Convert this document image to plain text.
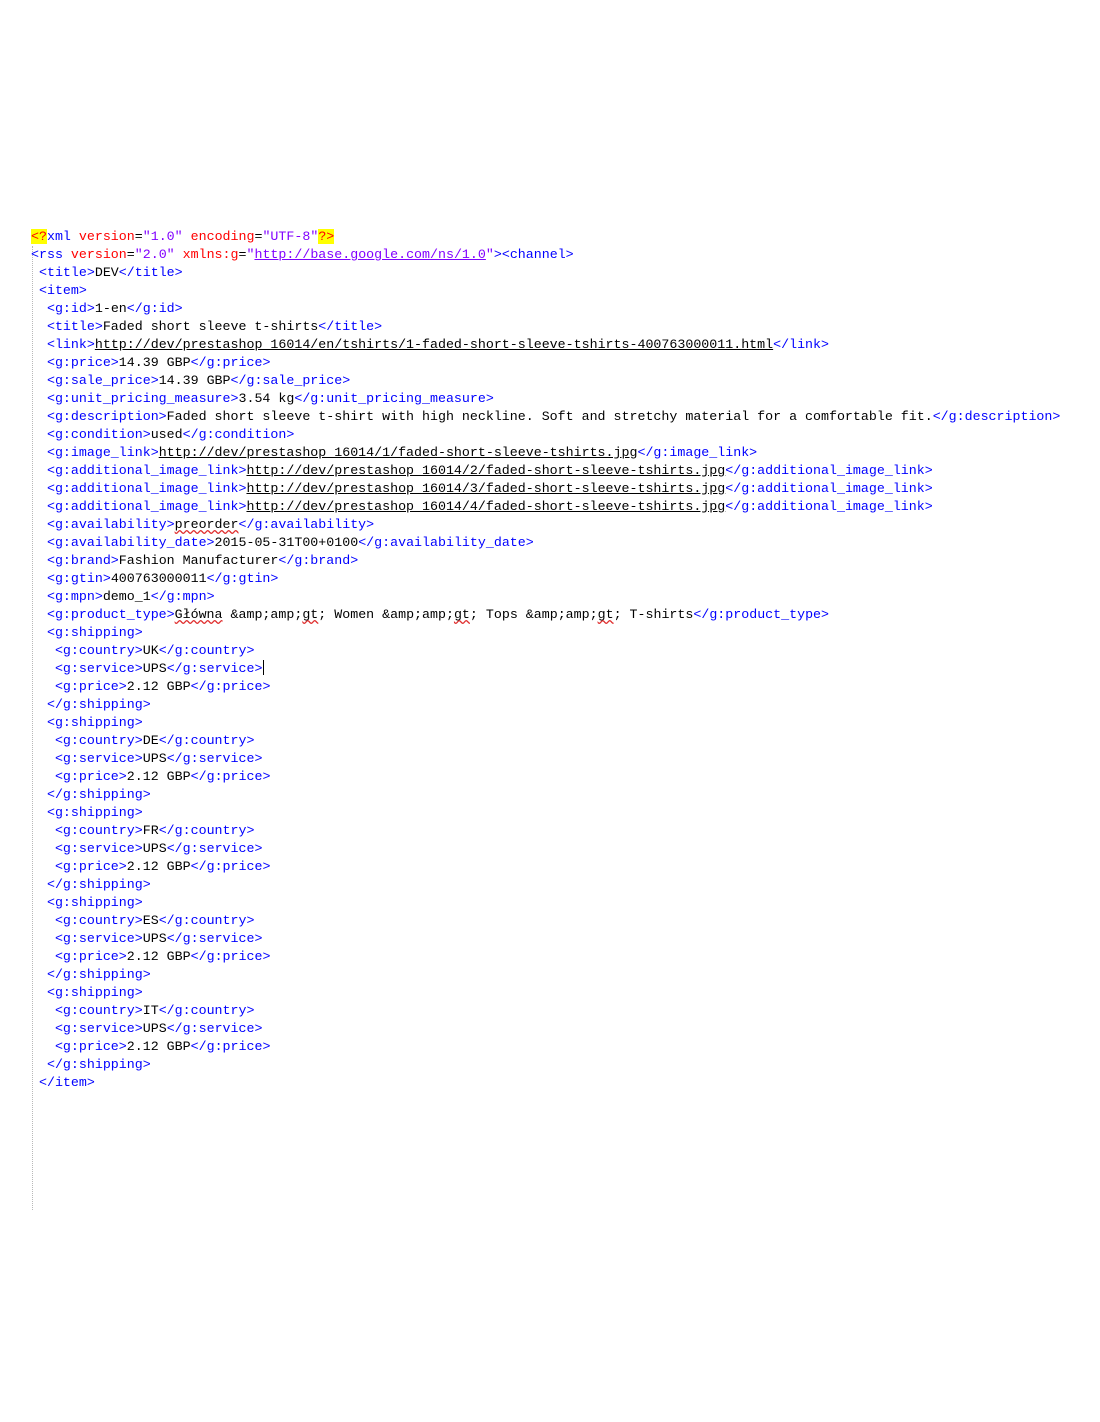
<?xml version="1.0" encoding="UTF-8"?>
<rss version="2.0" xmlns:g="http://base.google.com/ns/1.0"><channel>
<title>DEV</title>
<item>
<g:id>1-en</g:id>
<title>Faded short sleeve t-shirts</title>
<link>http://dev/prestashop_16014/en/tshirts/1-faded-short-sleeve-tshirts-400763000011.html</link>
<g:price>14.39 GBP</g:price>
<g:sale_price>14.39 GBP</g:sale_price>
<g:unit_pricing_measure>3.54 kg</g:unit_pricing_measure>
<g:description>Faded short sleeve t-shirt with high neckline. Soft and stretchy material for a comfortable fit.</g:description>
<g:condition>used</g:condition>
<g:image_link>http://dev/prestashop_16014/1/faded-short-sleeve-tshirts.jpg</g:image_link>
<g:additional_image_link>http://dev/prestashop_16014/2/faded-short-sleeve-tshirts.jpg</g:additional_image_link>
<g:additional_image_link>http://dev/prestashop_16014/3/faded-short-sleeve-tshirts.jpg</g:additional_image_link>
<g:additional_image_link>http://dev/prestashop_16014/4/faded-short-sleeve-tshirts.jpg</g:additional_image_link>
<g:availability>preorder</g:availability>
<g:availability_date>2015-05-31T00+0100</g:availability_date>
<g:brand>Fashion Manufacturer</g:brand>
<g:gtin>400763000011</g:gtin>
<g:mpn>demo_1</g:mpn>
<g:product_type>Główna &amp;amp;gt; Women &amp;amp;gt; Tops &amp;amp;gt; T-shirts</g:product_type>
<g:shipping>
<g:country>UK</g:country>
<g:service>UPS</g:service>
<g:price>2.12 GBP</g:price>
</g:shipping>
<g:shipping>
<g:country>DE</g:country>
<g:service>UPS</g:service>
<g:price>2.12 GBP</g:price>
</g:shipping>
<g:shipping>
<g:country>FR</g:country>
<g:service>UPS</g:service>
<g:price>2.12 GBP</g:price>
</g:shipping>
<g:shipping>
<g:country>ES</g:country>
<g:service>UPS</g:service>
<g:price>2.12 GBP</g:price>
</g:shipping>
<g:shipping>
<g:country>IT</g:country>
<g:service>UPS</g:service>
<g:price>2.12 GBP</g:price>
</g:shipping>
</item>
